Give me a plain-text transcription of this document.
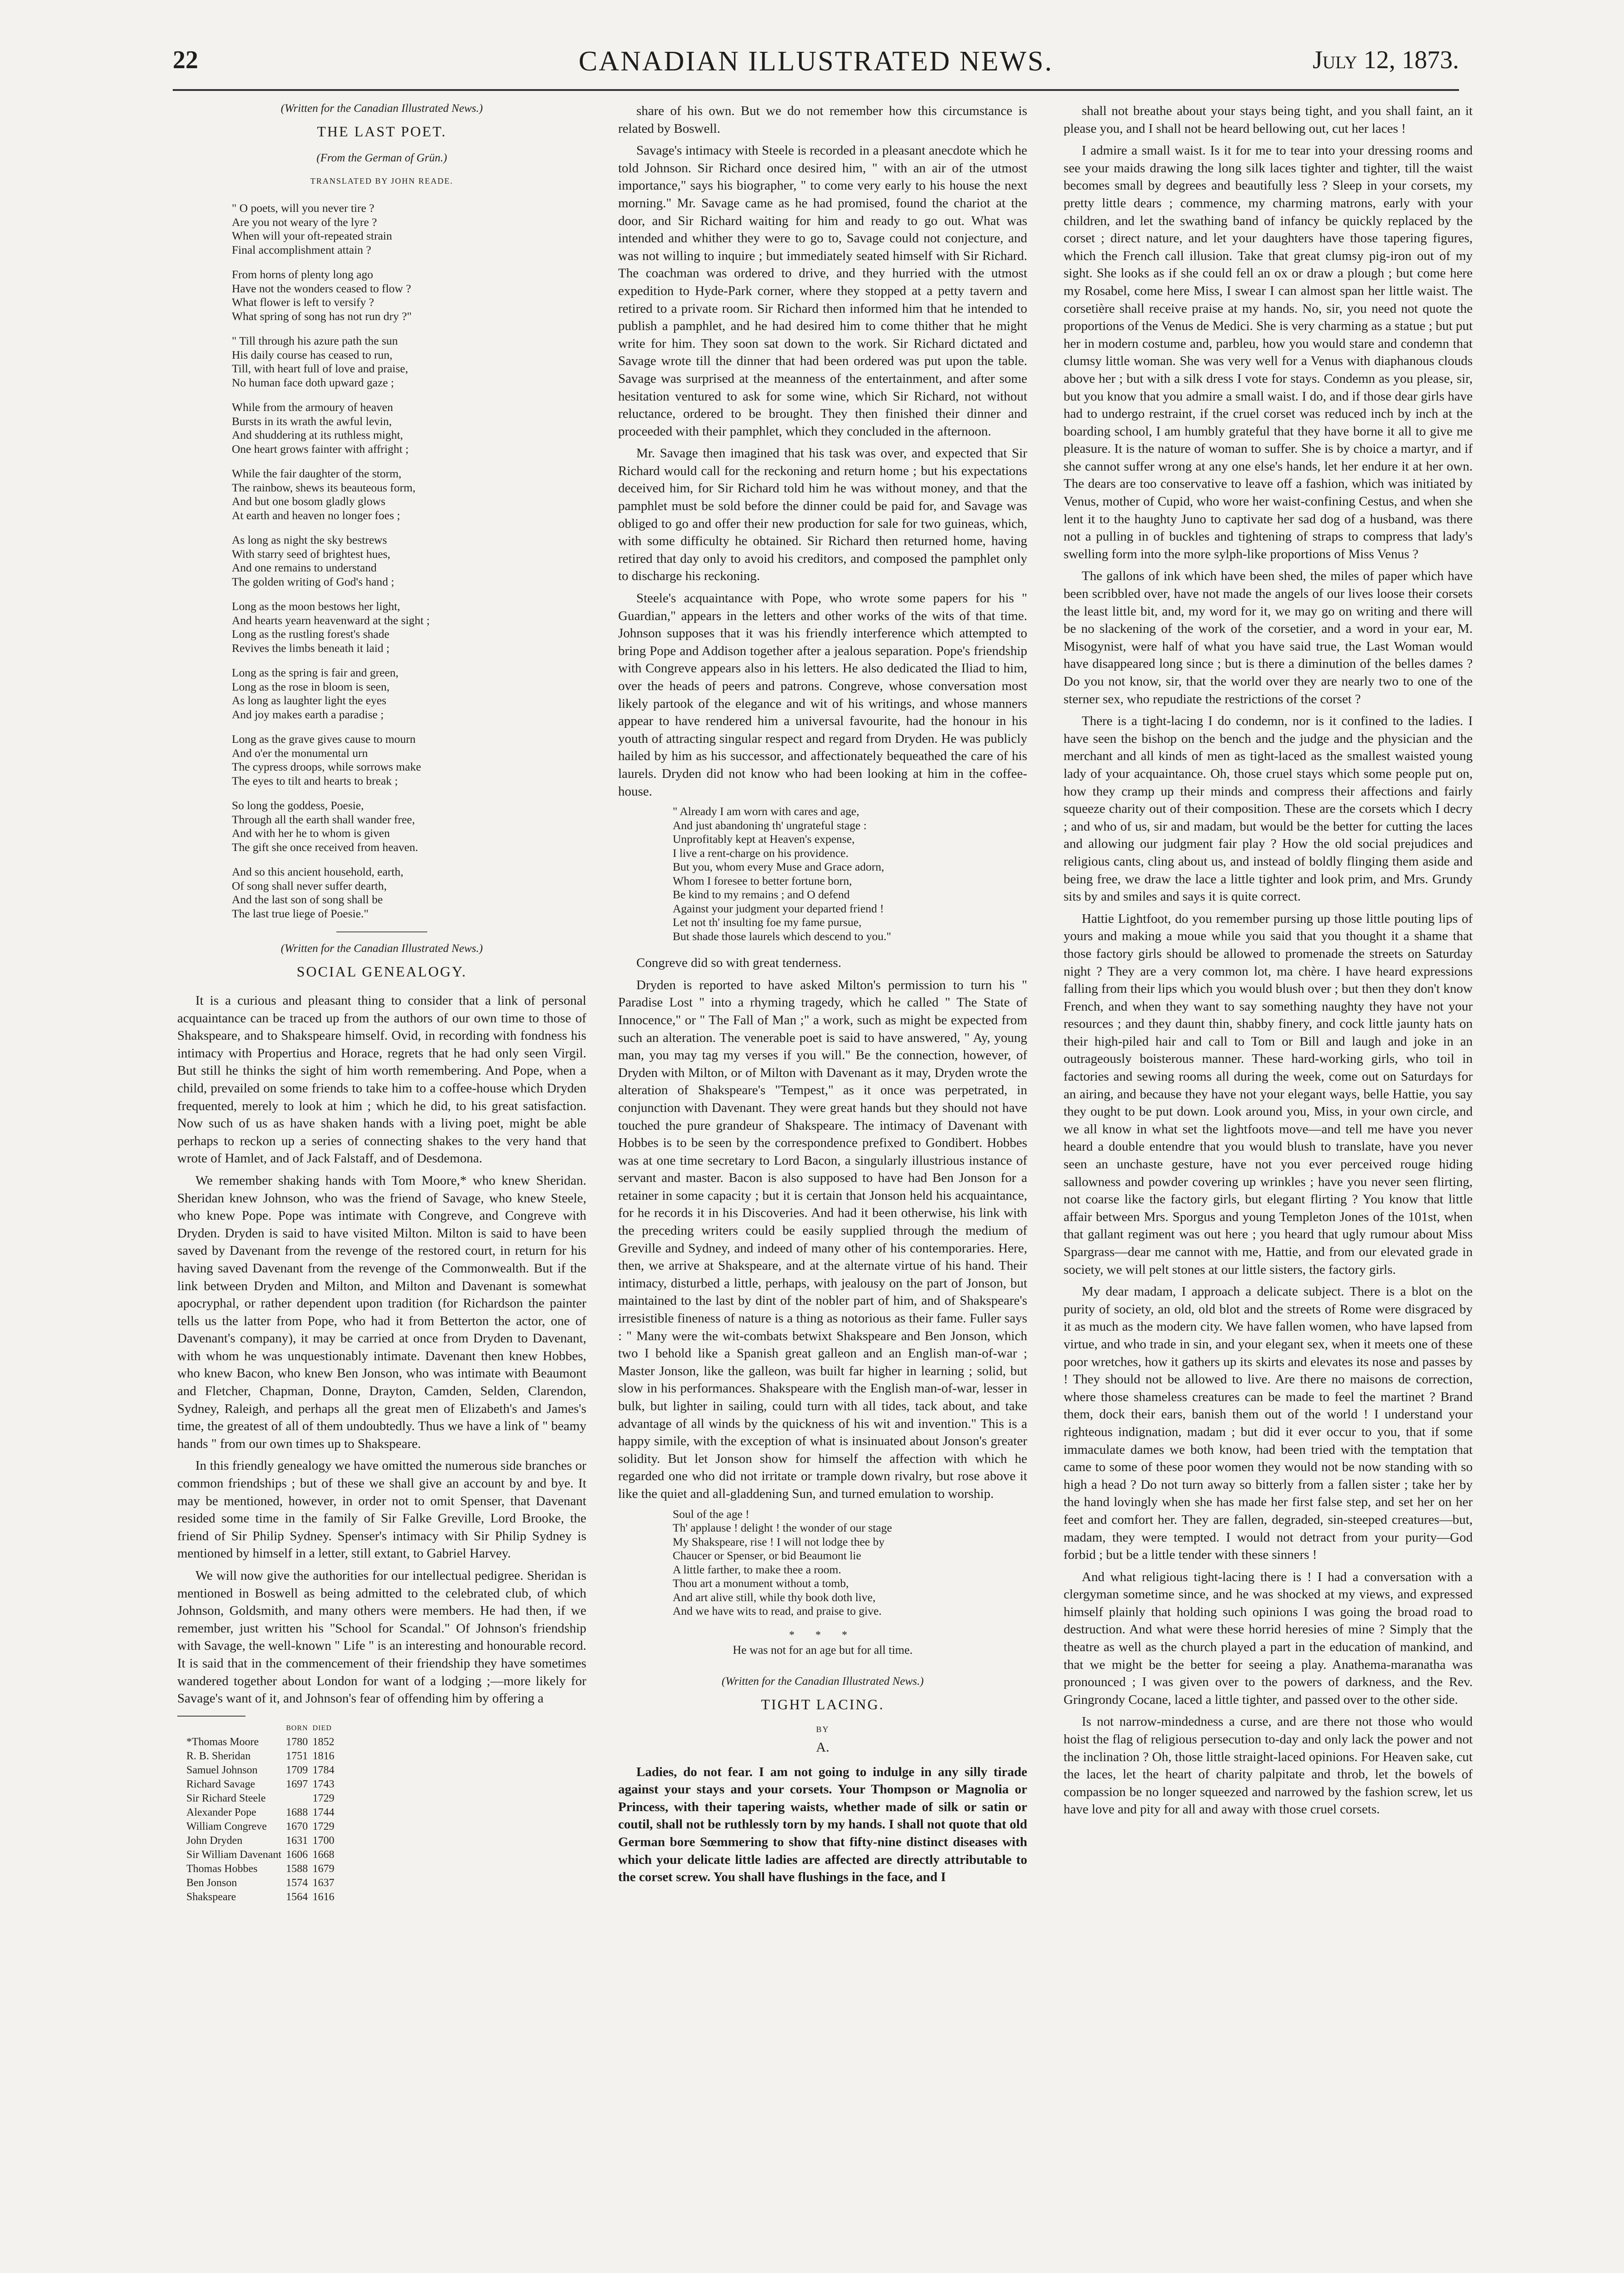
22	CANADIAN ILLUSTRATED NEWS.	July 12, 1873.
(Written for the Canadian Illustrated News.)
THE LAST POET.
(From the German of Grün.)
TRANSLATED BY JOHN READE.
" O poets, will you never tire ?
Are you not weary of the lyre ?
When will your oft-repeated strain
Final accomplishment attain ?
From horns of plenty long ago
Have not the wonders ceased to flow ?
What flower is left to versify ?
What spring of song has not run dry ?"
" Till through his azure path the sun
His daily course has ceased to run,
Till, with heart full of love and praise,
No human face doth upward gaze ;
While from the armoury of heaven
Bursts in its wrath the awful levin,
And shuddering at its ruthless might,
One heart grows fainter with affright ;
While the fair daughter of the storm,
The rainbow, shews its beauteous form,
And but one bosom gladly glows
At earth and heaven no longer foes ;
As long as night the sky bestrews
With starry seed of brightest hues,
And one remains to understand
The golden writing of God's hand ;
Long as the moon bestows her light,
And hearts yearn heavenward at the sight ;
Long as the rustling forest's shade
Revives the limbs beneath it laid ;
Long as the spring is fair and green,
Long as the rose in bloom is seen,
As long as laughter light the eyes
And joy makes earth a paradise ;
Long as the grave gives cause to mourn
And o'er the monumental urn
The cypress droops, while sorrows make
The eyes to tilt and hearts to break ;
So long the goddess, Poesie,
Through all the earth shall wander free,
And with her he to whom is given
The gift she once received from heaven.
And so this ancient household, earth,
Of song shall never suffer dearth,
And the last son of song shall be
The last true liege of Poesie."
(Written for the Canadian Illustrated News.)
SOCIAL GENEALOGY.

It is a curious and pleasant thing to consider that a link of personal acquaintance can be traced up from the authors of our own time to those of Shakspeare, and to Shakspeare himself. Ovid, in recording with fondness his intimacy with Propertius and Horace, regrets that he had only seen Virgil. But still he thinks the sight of him worth remembering. And Pope, when a child, prevailed on some friends to take him to a coffee-house which Dryden frequented, merely to look at him ; which he did, to his great satisfaction. Now such of us as have shaken hands with a living poet, might be able perhaps to reckon up a series of connecting shakes to the very hand that wrote of Hamlet, and of Jack Falstaff, and of Desdemona.

We remember shaking hands with Tom Moore,* who knew Sheridan. Sheridan knew Johnson, who was the friend of Savage, who knew Steele, who knew Pope. Pope was intimate with Congreve, and Congreve with Dryden. Dryden is said to have visited Milton. Milton is said to have been saved by Davenant from the revenge of the restored court, in return for his having saved Davenant from the revenge of the Commonwealth. But if the link between Dryden and Milton, and Milton and Davenant is somewhat apocryphal, or rather dependent upon tradition (for Richardson the painter tells us the latter from Pope, who had it from Betterton the actor, one of Davenant's company), it may be carried at once from Dryden to Davenant, with whom he was unquestionably intimate. Davenant then knew Hobbes, who knew Bacon, who knew Ben Jonson, who was intimate with Beaumont and Fletcher, Chapman, Donne, Drayton, Camden, Selden, Clarendon, Sydney, Raleigh, and perhaps all the great men of Elizabeth's and James's time, the greatest of all of them undoubtedly. Thus we have a link of " beamy hands " from our own times up to Shakspeare.

In this friendly genealogy we have omitted the numerous side branches or common friendships ; but of these we shall give an account by and bye. It may be mentioned, however, in order not to omit Spenser, that Davenant resided some time in the family of Sir Falke Greville, Lord Brooke, the friend of Sir Philip Sydney. Spenser's intimacy with Sir Philip Sydney is mentioned by himself in a letter, still extant, to Gabriel Harvey.

We will now give the authorities for our intellectual pedigree. Sheridan is mentioned in Boswell as being admitted to the celebrated club, of which Johnson, Goldsmith, and many others were members. He had then, if we remember, just written his "School for Scandal." Of Johnson's friendship with Savage, the well-known " Life " is an interesting and honourable record. It is said that in the commencement of their friendship they have sometimes wandered together about London for want of a lodging ;—more likely for Savage's want of it, and Johnson's fear of offending him by offering a

	BORN	DIED
*Thomas Moore	1780	1852
R. B. Sheridan	1751	1816
Samuel Johnson	1709	1784
Richard Savage	1697	1743
Sir Richard Steele		1729
Alexander Pope	1688	1744
William Congreve	1670	1729
John Dryden	1631	1700
Sir William Davenant	1606	1668
Thomas Hobbes	1588	1679
Ben Jonson	1574	1637
Shakspeare	1564	1616

share of his own. But we do not remember how this circumstance is related by Boswell.

Savage's intimacy with Steele is recorded in a pleasant anecdote which he told Johnson. Sir Richard once desired him, " with an air of the utmost importance," says his biographer, " to come very early to his house the next morning." Mr. Savage came as he had promised, found the chariot at the door, and Sir Richard waiting for him and ready to go out. What was intended and whither they were to go to, Savage could not conjecture, and was not willing to inquire ; but immediately seated himself with Sir Richard. The coachman was ordered to drive, and they hurried with the utmost expedition to Hyde-Park corner, where they stopped at a petty tavern and retired to a private room. Sir Richard then informed him that he intended to publish a pamphlet, and he had desired him to come thither that he might write for him. They soon sat down to the work. Sir Richard dictated and Savage wrote till the dinner that had been ordered was put upon the table. Savage was surprised at the meanness of the entertainment, and after some hesitation ventured to ask for some wine, which Sir Richard, not without reluctance, ordered to be brought. They then finished their dinner and proceeded with their pamphlet, which they concluded in the afternoon.

Mr. Savage then imagined that his task was over, and expected that Sir Richard would call for the reckoning and return home ; but his expectations deceived him, for Sir Richard told him he was without money, and that the pamphlet must be sold before the dinner could be paid for, and Savage was obliged to go and offer their new production for sale for two guineas, which, with some difficulty he obtained. Sir Richard then returned home, having retired that day only to avoid his creditors, and composed the pamphlet only to discharge his reckoning.

Steele's acquaintance with Pope, who wrote some papers for his " Guardian," appears in the letters and other works of the wits of that time. Johnson supposes that it was his friendly interference which attempted to bring Pope and Addison together after a jealous separation. Pope's friendship with Congreve appears also in his letters. He also dedicated the Iliad to him, over the heads of peers and patrons. Congreve, whose conversation most likely partook of the elegance and wit of his writings, and whose manners appear to have rendered him a universal favourite, had the honour in his youth of attracting singular respect and regard from Dryden. He was publicly hailed by him as his successor, and affectionately bequeathed the care of his laurels. Dryden did not know who had been looking at him in the coffee-house.

" Already I am worn with cares and age,
And just abandoning th' ungrateful stage :
Unprofitably kept at Heaven's expense,
I live a rent-charge on his providence.
But you, whom every Muse and Grace adorn,
Whom I foresee to better fortune born,
Be kind to my remains ; and O defend
Against your judgment your departed friend !
Let not th' insulting foe my fame pursue,
But shade those laurels which descend to you."

Congreve did so with great tenderness.

Dryden is reported to have asked Milton's permission to turn his " Paradise Lost " into a rhyming tragedy, which he called " The State of Innocence," or " The Fall of Man ;" a work, such as might be expected from such an alteration. The venerable poet is said to have answered, " Ay, young man, you may tag my verses if you will." Be the connection, however, of Dryden with Milton, or of Milton with Davenant as it may, Dryden wrote the alteration of Shakspeare's "Tempest," as it once was perpetrated, in conjunction with Davenant. They were great hands but they should not have touched the pure grandeur of Shakspeare. The intimacy of Davenant with Hobbes is to be seen by the correspondence prefixed to Gondibert. Hobbes was at one time secretary to Lord Bacon, a singularly illustrious instance of servant and master. Bacon is also supposed to have had Ben Jonson for a retainer in some capacity ; but it is certain that Jonson held his acquaintance, for he records it in his Discoveries. And had it been otherwise, his link with the preceding writers could be easily supplied through the medium of Greville and Sydney, and indeed of many other of his contemporaries. Here, then, we arrive at Shakspeare, and at the alternate virtue of his hand. Their intimacy, disturbed a little, perhaps, with jealousy on the part of Jonson, but maintained to the last by dint of the nobler part of him, and of Shakspeare's irresistible fineness of nature is a thing as notorious as their fame. Fuller says : " Many were the wit-combats betwixt Shakspeare and Ben Jonson, which two I behold like a Spanish great galleon and an English man-of-war ; Master Jonson, like the galleon, was built far higher in learning ; solid, but slow in his performances. Shakspeare with the English man-of-war, lesser in bulk, but lighter in sailing, could turn with all tides, tack about, and take advantage of all winds by the quickness of his wit and invention." This is a happy simile, with the exception of what is insinuated about Jonson's greater solidity. But let Jonson show for himself the affection with which he regarded one who did not irritate or trample down rivalry, but rose above it like the quiet and all-gladdening Sun, and turned emulation to worship.

Soul of the age !
Th' applause ! delight ! the wonder of our stage
My Shakspeare, rise ! I will not lodge thee by
Chaucer or Spenser, or bid Beaumont lie
A little farther, to make thee a room.
Thou art a monument without a tomb,
And art alive still, while thy book doth live,
And we have wits to read, and praise to give.
* * *
He was not for an age but for all time.
(Written for the Canadian Illustrated News.)
TIGHT LACING.
BY
A.

Ladies, do not fear. I am not going to indulge in any silly tirade against your stays and your corsets. Your Thompson or Magnolia or Princess, with their tapering waists, whether made of silk or satin or coutil, shall not be ruthlessly torn by my hands. I shall not quote that old German bore Sœmmering to show that fifty-nine distinct diseases with which your delicate little ladies are affected are directly attributable to the corset screw. You shall have flushings in the face, and I

shall not breathe about your stays being tight, and you shall faint, an it please you, and I shall not be heard bellowing out, cut her laces !

I admire a small waist. Is it for me to tear into your dressing rooms and see your maids drawing the long silk laces tighter and tighter, till the waist becomes small by degrees and beautifully less ? Sleep in your corsets, my pretty little dears ; commence, my charming matrons, early with your children, and let the swathing band of infancy be quickly replaced by the corset ; direct nature, and let your daughters have those tapering figures, which the French call illusion. Take that great clumsy pig-iron out of my sight. She looks as if she could fell an ox or draw a plough ; but come here my Rosabel, come here Miss, I swear I can almost span her little waist. The corsetière shall receive praise at my hands. No, sir, you need not quote the proportions of the Venus de Medici. She is very charming as a statue ; but put her in modern costume and, parbleu, how you would stare and condemn that clumsy little woman. She was very well for a Venus with diaphanous clouds above her ; but with a silk dress I vote for stays. Condemn as you please, sir, but you know that you admire a small waist. I do, and if those dear girls have had to undergo restraint, if the cruel corset was reduced inch by inch at the boarding school, I am humbly grateful that they have borne it all to give me pleasure. It is the nature of woman to suffer. She is by choice a martyr, and if she cannot suffer wrong at any one else's hands, let her endure it at her own. The dears are too conservative to leave off a fashion, which was initiated by Venus, mother of Cupid, who wore her waist-confining Cestus, and when she lent it to the haughty Juno to captivate her sad dog of a husband, was there not a pulling in of buckles and tightening of straps to compress that lady's swelling form into the more sylph-like proportions of Miss Venus ?

The gallons of ink which have been shed, the miles of paper which have been scribbled over, have not made the angels of our lives loose their corsets the least little bit, and, my word for it, we may go on writing and there will be no slackening of the work of the corsetier, and a word in your ear, M. Misogynist, were half of what you have said true, the Last Woman would have disappeared long since ; but is there a diminution of the belles dames ? Do you not know, sir, that the world over they are nearly two to one of the sterner sex, who repudiate the restrictions of the corset ?

There is a tight-lacing I do condemn, nor is it confined to the ladies. I have seen the bishop on the bench and the judge and the physician and the merchant and all kinds of men as tight-laced as the smallest waisted young lady of your acquaintance. Oh, those cruel stays which some people put on, how they cramp up their minds and compress their affections and fairly squeeze charity out of their composition. These are the corsets which I decry ; and who of us, sir and madam, but would be the better for cutting the laces and allowing our judgment fair play ? How the old social prejudices and religious cants, cling about us, and instead of boldly flinging them aside and being free, we draw the lace a little tighter and look prim, and Mrs. Grundy sits by and smiles and says it is quite correct.

Hattie Lightfoot, do you remember pursing up those little pouting lips of yours and making a moue while you said that you thought it a shame that those factory girls should be allowed to promenade the streets on Saturday night ? They are a very common lot, ma chère. I have heard expressions falling from their lips which you would blush over ; but then they don't know French, and when they want to say something naughty they have not your resources ; and they daunt thin, shabby finery, and cock little jaunty hats on their high-piled hair and call to Tom or Bill and laugh and joke in an outrageously boisterous manner. These hard-working girls, who toil in factories and sewing rooms all during the week, come out on Saturdays for an airing, and because they have not your elegant ways, belle Hattie, you say they ought to be put down. Look around you, Miss, in your own circle, and we all know in what set the lightfoots move—and tell me have you never heard a double entendre that you would blush to translate, have you never seen an unchaste gesture, have not you ever perceived rouge hiding sallowness and powder covering up wrinkles ; have you never seen flirting, not coarse like the factory girls, but elegant flirting ? You know that little affair between Mrs. Sporgus and young Templeton Jones of the 101st, when that gallant regiment was out here ; you heard that ugly rumour about Miss Spargrass—dear me cannot with me, Hattie, and from our elevated grade in society, we will pelt stones at our little sisters, the factory girls.

My dear madam, I approach a delicate subject. There is a blot on the purity of society, an old, old blot and the streets of Rome were disgraced by it as much as the modern city. We have fallen women, who have lapsed from virtue, and who trade in sin, and your elegant sex, when it meets one of these poor wretches, how it gathers up its skirts and elevates its nose and passes by ! They should not be allowed to live. Are there no maisons de correction, where those shameless creatures can be made to feel the martinet ? Brand them, dock their ears, banish them out of the world ! I understand your righteous indignation, madam ; but did it ever occur to you, that if some immaculate dames we both know, had been tried with the temptation that came to some of these poor women they would not be now standing with so high a head ? Do not turn away so bitterly from a fallen sister ; take her by the hand lovingly when she has made her first false step, and set her on her feet and comfort her. They are fallen, degraded, sin-steeped creatures—but, madam, they were tempted. I would not detract from your purity—God forbid ; but be a little tender with these sinners !

And what religious tight-lacing there is ! I had a conversation with a clergyman sometime since, and he was shocked at my views, and expressed himself plainly that holding such opinions I was going the broad road to destruction. And what were these horrid heresies of mine ? Simply that the theatre as well as the church played a part in the education of mankind, and that we might be the better for seeing a play. Anathema-maranatha was pronounced ; I was given over to the powers of darkness, and the Rev. Gringrondy Cocane, laced a little tighter, and passed over to the other side.

Is not narrow-mindedness a curse, and are there not those who would hoist the flag of religious persecution to-day and only lack the power and not the inclination ? Oh, those little straight-laced opinions. For Heaven sake, cut the laces, let the heart of charity palpitate and throb, let the bowels of compassion be no longer squeezed and narrowed by the fashion screw, let us have love and pity for all and away with those cruel corsets.
